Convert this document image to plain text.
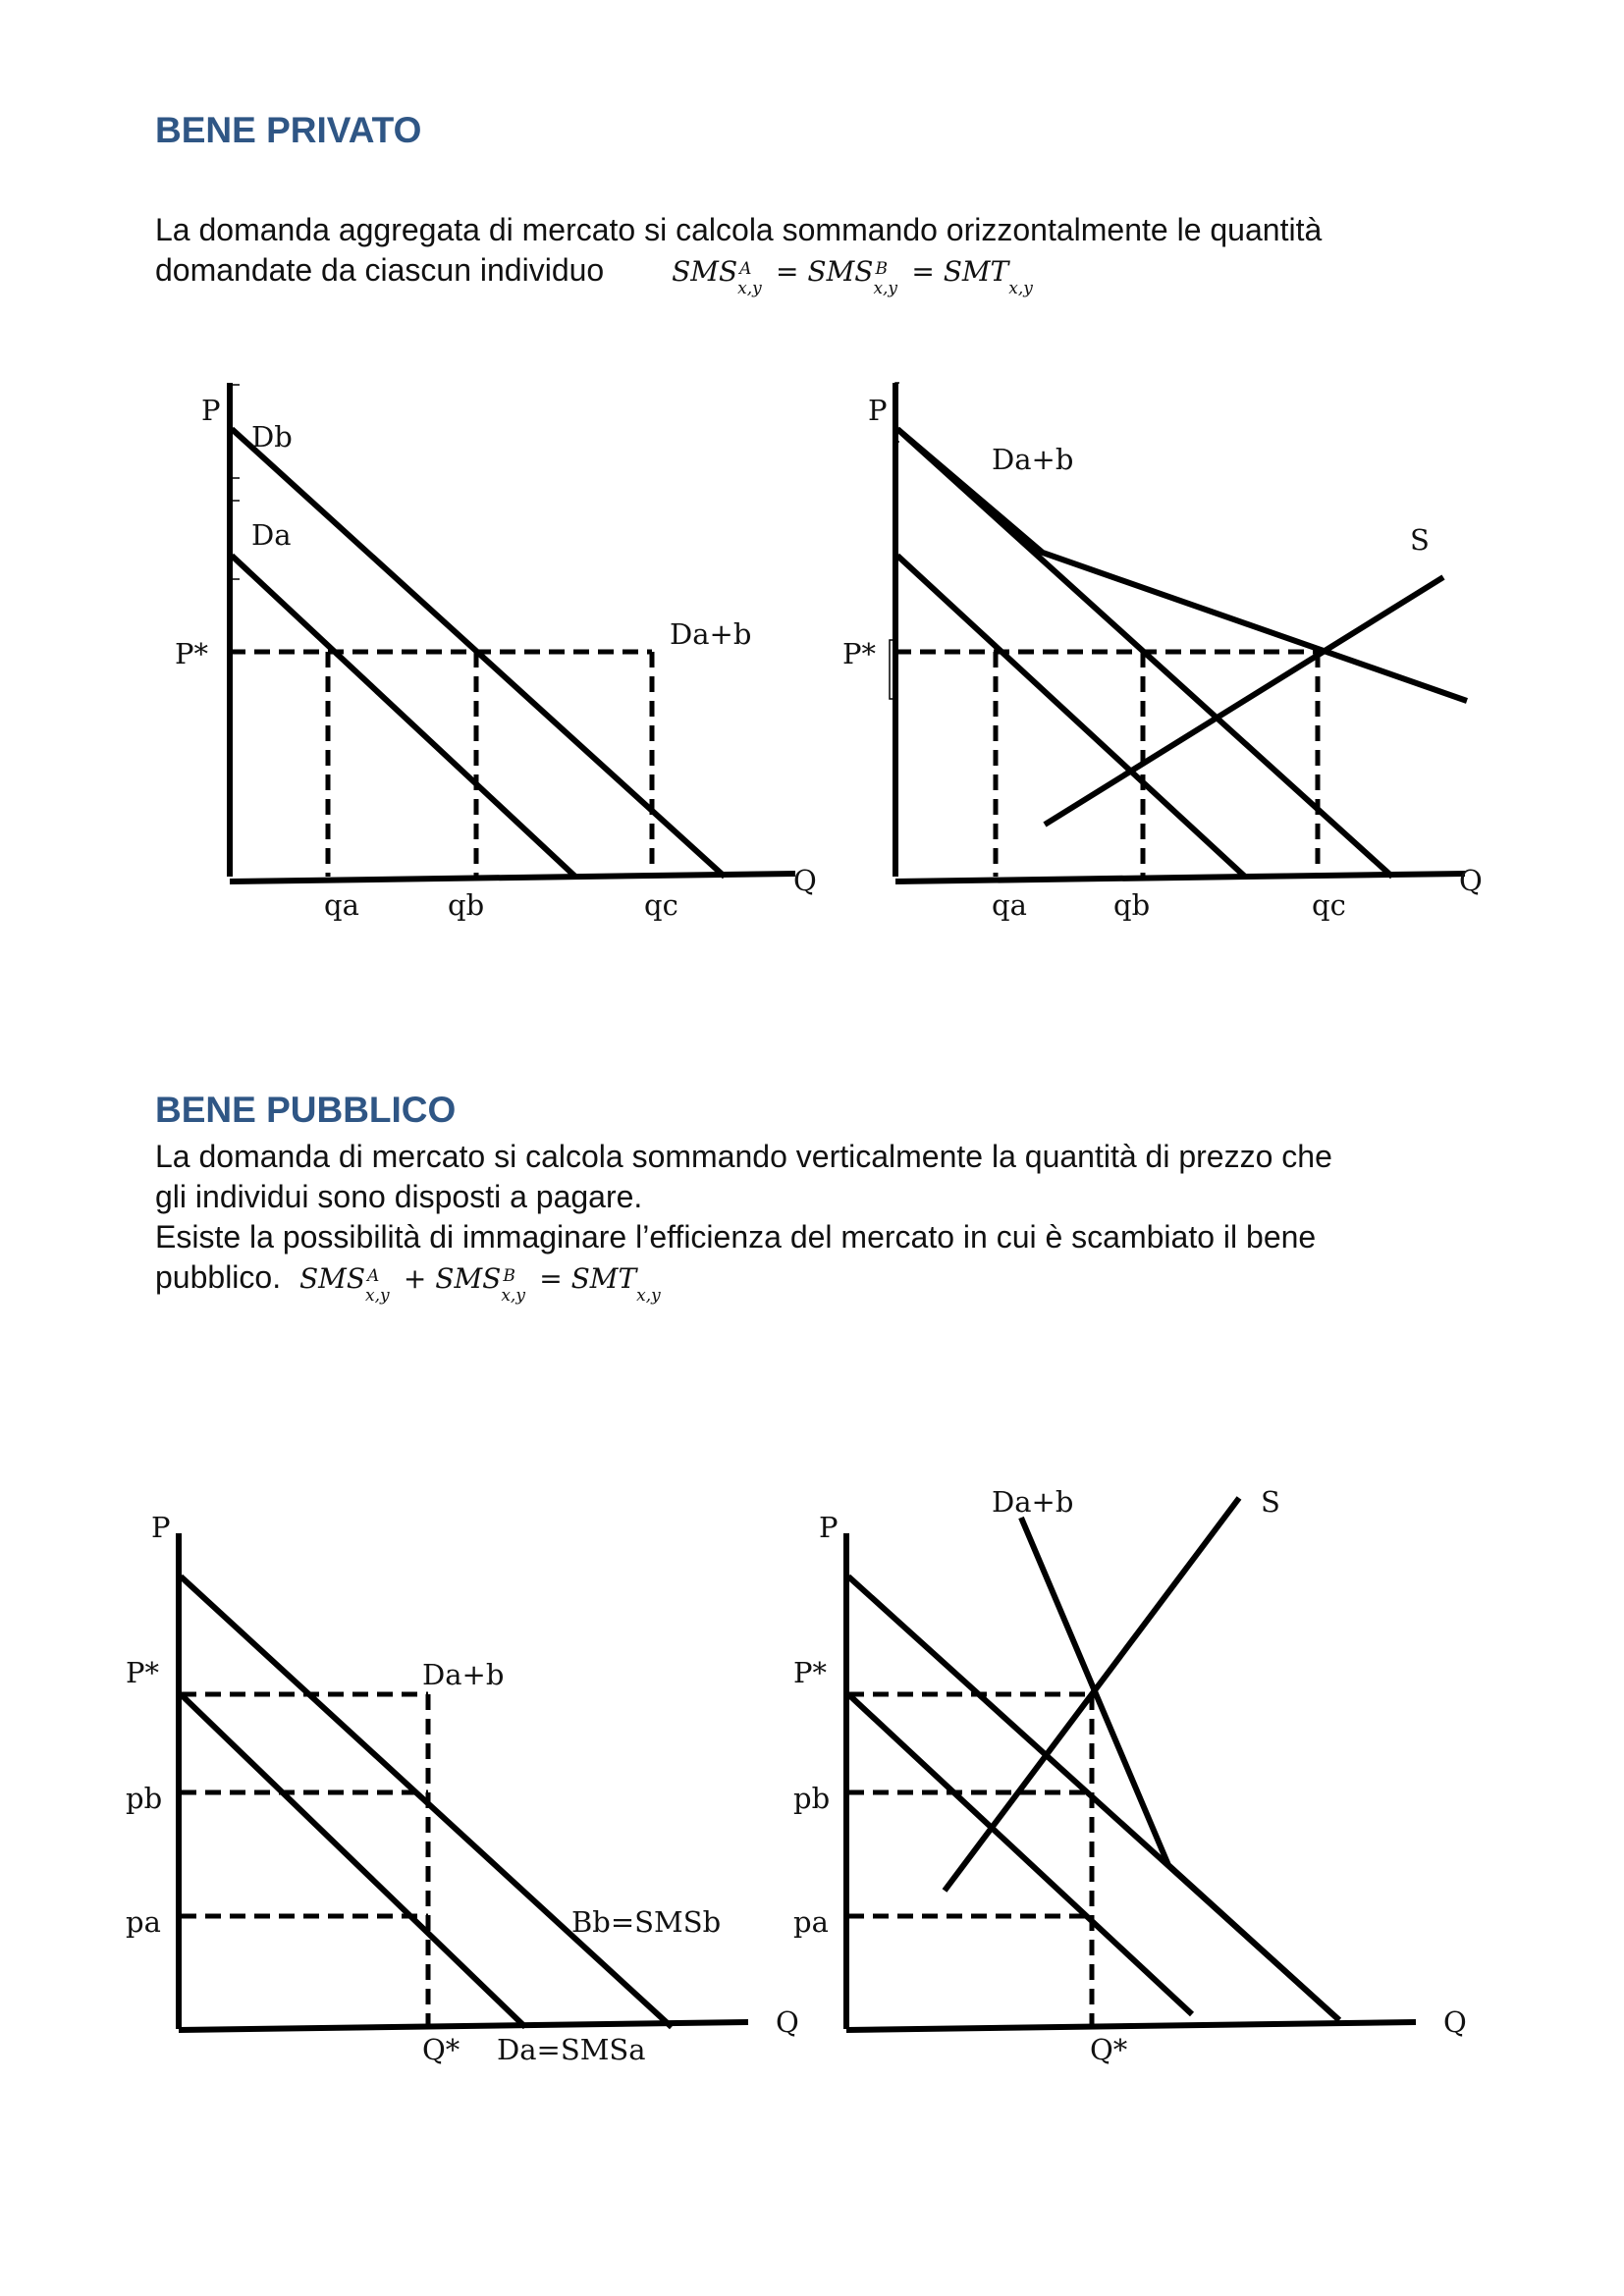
BENE PRIVATO

La domanda aggregata di mercato si calcola sommando orizzontalmente le quantità
domandate da ciascun individuo SMS A
x,y
= SMS B
x,y
= SMT
x,y

BENE PUBBLICO

La domanda di mercato si calcola sommando verticalmente la quantità di prezzo che
gli individui sono disposti a pagare.
Esiste la possibilità di immaginare l’efficienza del mercato in cui è scambiato il bene
pubblico. SMS A
x,y
+ SMS B
x,y
= SMT
x,y

P
Db
Da
Da+b
P*
Q
qa	qb	qc
P
Da+b
S
P*
Q
qa	qb	qc
P
P*
pb
pa
Da+b
Bb=SMSb
Q* Da=SMSa
Q
P
P*
pb
pa
Da+b	S
Q*
Q
